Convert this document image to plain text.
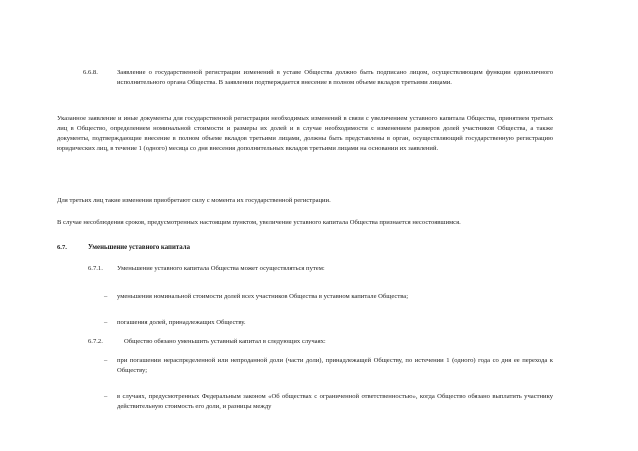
6.6.8.	Заявление о государственной регистрации изменений в уставе Общества должно быть подписано лицом, осуществляющим функции единоличного исполнительного органа Общества. В заявлении подтверждается внесение в полном объеме вкладов третьими лицами.

Указанное заявление и иные документы для государственной регистрации необходимых изменений в связи с увеличением уставного капитала Общества, принятием третьих лиц в Общество, определением номинальной стоимости и размеры их долей и в случае необходимости с изменением размеров долей участников Общества, а также документы, подтверждающие внесение в полном объеме вкладов третьими лицами, должны быть представлены в орган, осуществляющий государственную регистрацию юридических лиц, в течение 1 (одного) месяца со дня внесения дополнительных вкладов третьими лицами на основании их заявлений.

Для третьих лиц такие изменения приобретают силу с момента их государственной регистрации.

В случае несоблюдения сроков, предусмотренных настоящим пунктом, увеличение уставного капитала Общества признается несостоявшимся.

6.7.	Уменьшение уставного капитала
6.7.1. Уменьшение уставного капитала Общества может осуществляться путем:

– уменьшения номинальной стоимости долей всех участников Общества в уставном капитале Общества;

– погашения долей, принадлежащих Обществу.

6.7.2.	Общество обязано уменьшить уставный капитал в следующих случаях:

– при погашении нераспределенной или непроданной доли (части доли), принадлежащей Обществу, по истечении 1 (одного) года со дня ее перехода к Обществу;

– в случаях, предусмотренных Федеральным законом «Об обществах с ограниченной ответственностью», когда Общество обязано выплатить участнику действительную стоимость его доли, и разницы между
